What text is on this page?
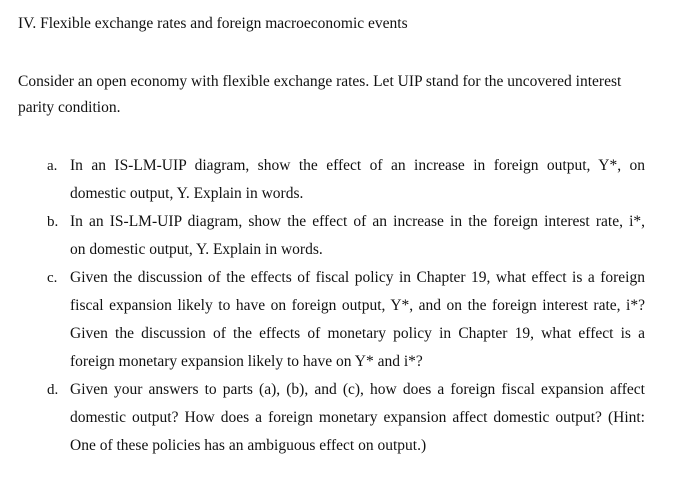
IV. Flexible exchange rates and foreign macroeconomic events
Consider an open economy with flexible exchange rates. Let UIP stand for the uncovered interest parity condition.
a. In an IS-LM-UIP diagram, show the effect of an increase in foreign output, Y*, on
domestic output, Y. Explain in words.
b. In an IS-LM-UIP diagram, show the effect of an increase in the foreign interest rate, i*,
on domestic output, Y. Explain in words.
c. Given the discussion of the effects of fiscal policy in Chapter 19, what effect is a foreign
fiscal expansion likely to have on foreign output, Y*, and on the foreign interest rate, i*?
Given the discussion of the effects of monetary policy in Chapter 19, what effect is a
foreign monetary expansion likely to have on Y* and i*?
d. Given your answers to parts (a), (b), and (c), how does a foreign fiscal expansion affect
domestic output? How does a foreign monetary expansion affect domestic output? (Hint:
One of these policies has an ambiguous effect on output.)
